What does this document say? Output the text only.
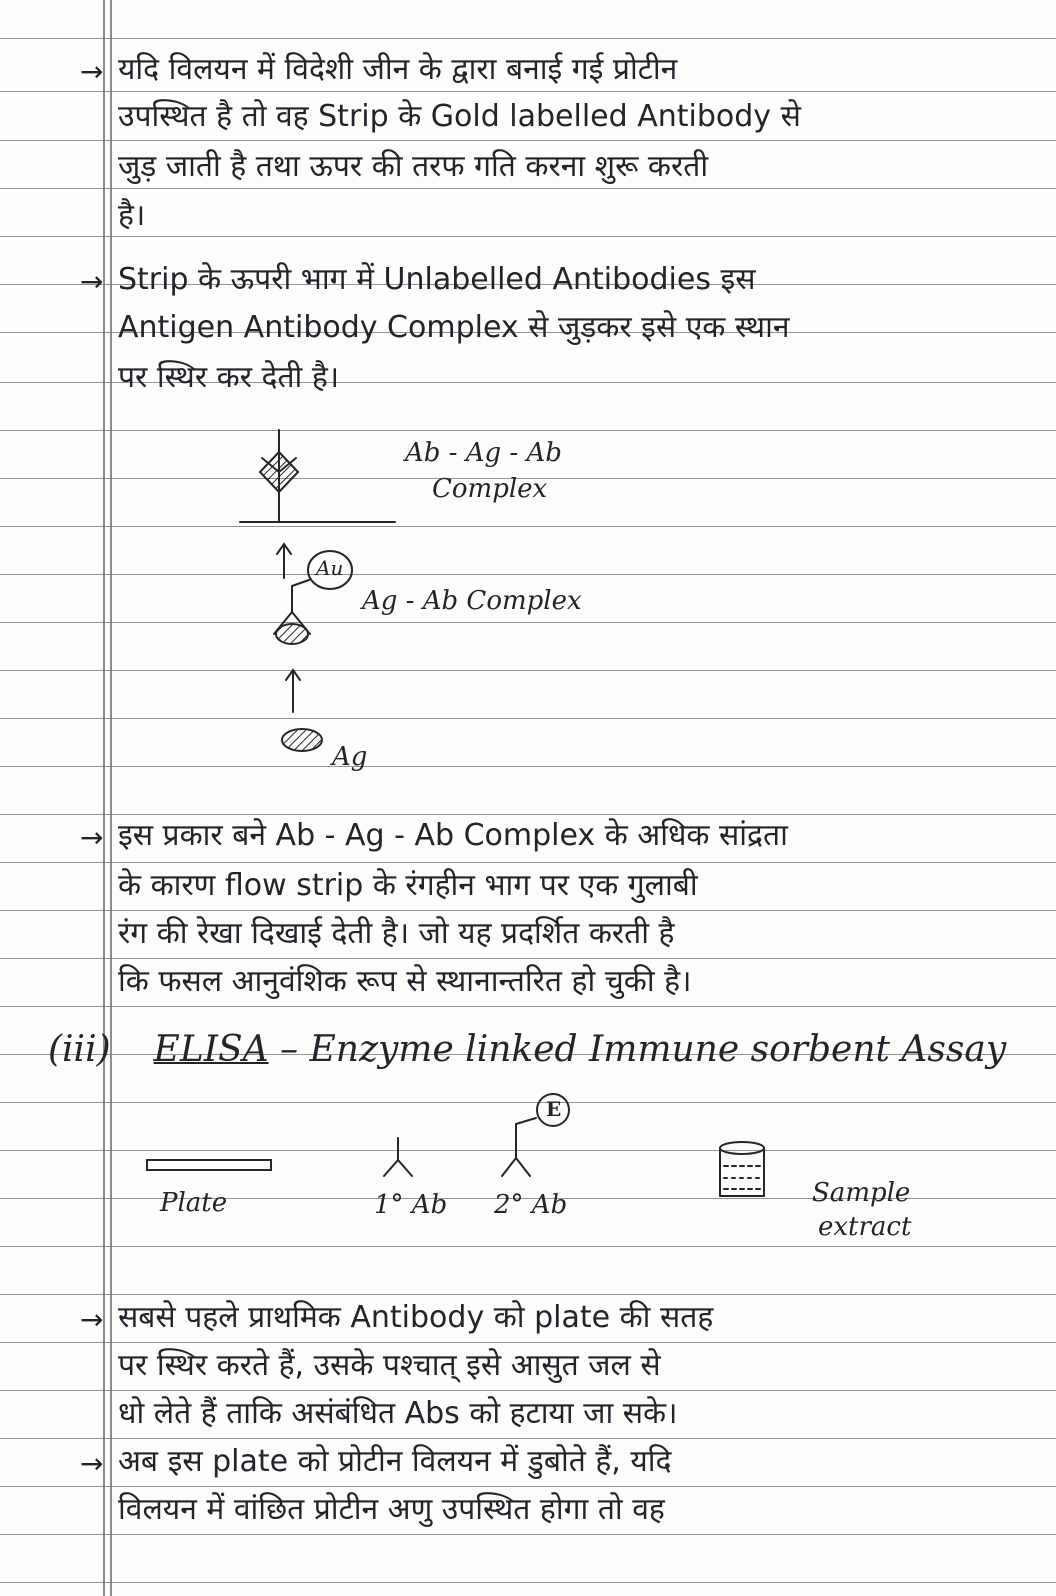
→ यदि विलयन में विदेशी जीन के द्वारा बनाई गई प्रोटीन
उपस्थित है तो वह Strip के Gold labelled Antibody से
जुड़ जाती है तथा ऊपर की तरफ गति करना शुरू करती
है।
→ Strip के ऊपरी भाग में Unlabelled Antibodies इस
Antigen Antibody Complex से जुड़कर इसे एक स्थान
पर स्थिर कर देती है।
Ab - Ag - Ab
Complex
Au
Ag - Ab Complex
Ag
→ इस प्रकार बने Ab - Ag - Ab Complex के अधिक सांद्रता
के कारण flow strip के रंगहीन भाग पर एक गुलाबी
रंग की रेखा दिखाई देती है। जो यह प्रदर्शित करती है
कि फसल आनुवंशिक रूप से स्थानान्तरित हो चुकी है।
(iii) ELISA – Enzyme linked Immune sorbent Assay
E
Plate	1° Ab 2° Ab	Sample
extract
→ सबसे पहले प्राथमिक Antibody को plate की सतह
पर स्थिर करते हैं, उसके पश्चात् इसे आसुत जल से
धो लेते हैं ताकि असंबंधित Abs को हटाया जा सके।
→ अब इस plate को प्रोटीन विलयन में डुबोते हैं, यदि
विलयन में वांछित प्रोटीन अणु उपस्थित होगा तो वह
